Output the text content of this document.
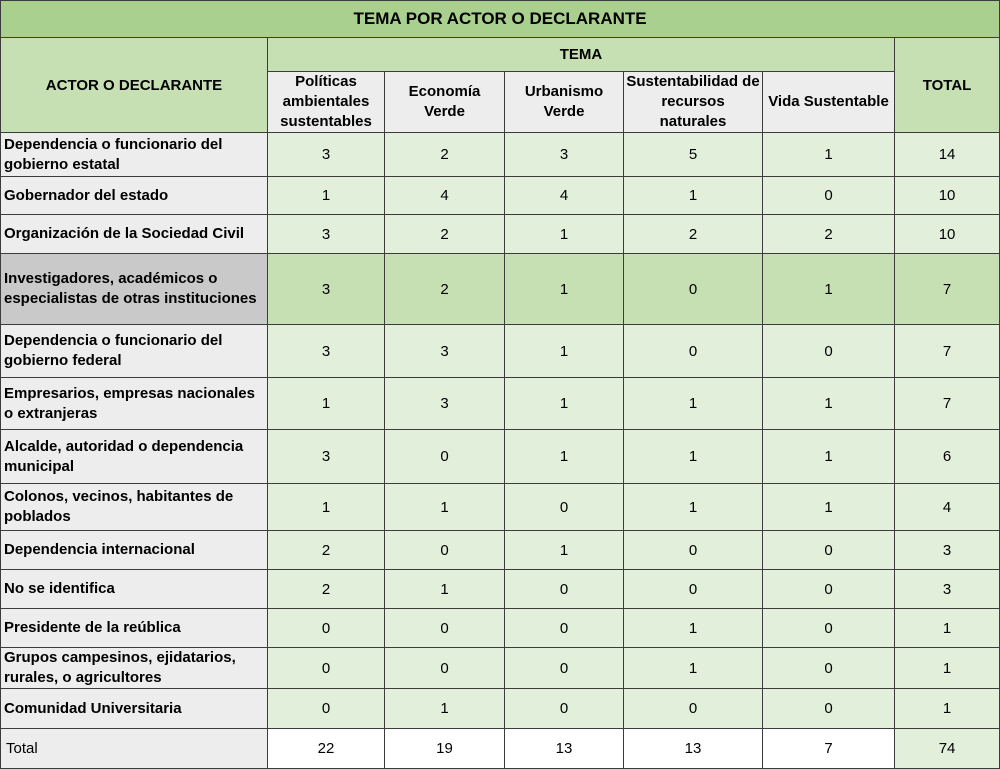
TEMA POR ACTOR O DECLARANTE						
ACTOR O DECLARANTE	TEMA					TOTAL
	Políticas ambientales sustentables	Economía Verde	Urbanismo Verde	Sustentabilidad de recursos naturales	Vida Sustentable	
Dependencia o funcionario del gobierno estatal	3	2	3	5	1	14
Gobernador del estado	1	4	4	1	0	10
Organización de la Sociedad Civil	3	2	1	2	2	10
Investigadores, académicos o especialistas de otras instituciones	3	2	1	0	1	7
Dependencia o funcionario del gobierno federal	3	3	1	0	0	7
Empresarios, empresas nacionales o extranjeras	1	3	1	1	1	7
Alcalde, autoridad o dependencia municipal	3	0	1	1	1	6
Colonos, vecinos, habitantes de poblados	1	1	0	1	1	4
Dependencia internacional	2	0	1	0	0	3
No se identifica	2	1	0	0	0	3
Presidente de la reública	0	0	0	1	0	1
Grupos campesinos, ejidatarios, rurales, o agricultores	0	0	0	1	0	1
Comunidad Universitaria	0	1	0	0	0	1
Total	22	19	13	13	7	74
